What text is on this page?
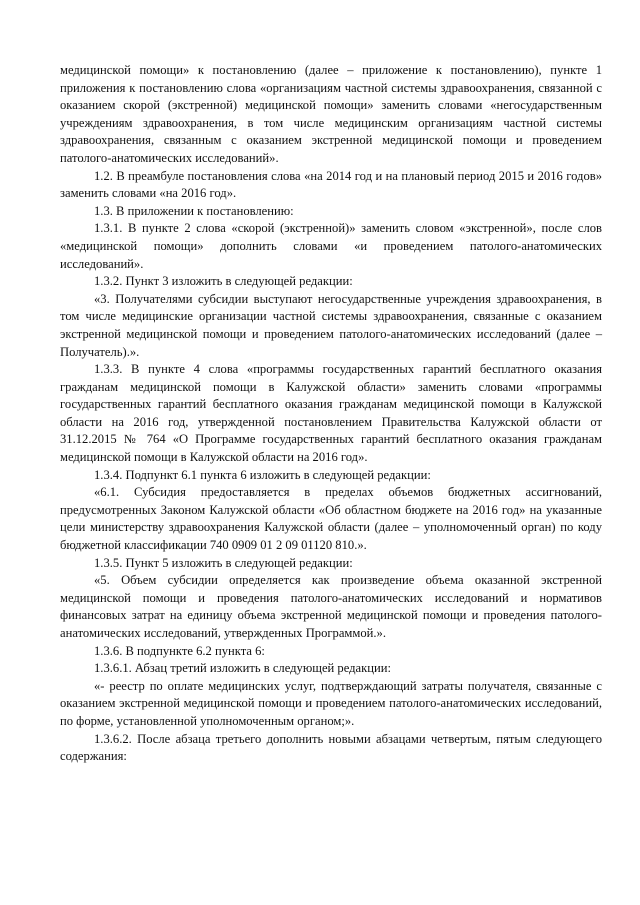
медицинской помощи» к постановлению (далее – приложение к постановлению), пункте 1 приложения к постановлению слова «организациям частной системы здравоохранения, связанной с оказанием скорой (экстренной) медицинской помощи» заменить словами «негосударственным учреждениям здравоохранения, в том числе медицинским организациям частной системы здравоохранения, связанным с оказанием экстренной медицинской помощи и проведением патолого-анатомических исследований».

1.2. В преамбуле постановления слова «на 2014 год и на плановый период 2015 и 2016 годов» заменить словами «на 2016 год».

1.3. В приложении к постановлению:

1.3.1. В пункте 2 слова «скорой (экстренной)» заменить словом «экстренной», после слов «медицинской помощи» дополнить словами «и проведением патолого-анатомических исследований».

1.3.2. Пункт 3 изложить в следующей редакции:

«3. Получателями субсидии выступают негосударственные учреждения здравоохранения, в том числе медицинские организации частной системы здравоохранения, связанные с оказанием экстренной медицинской помощи и проведением патолого-анатомических исследований (далее – Получатель).».

1.3.3. В пункте 4 слова «программы государственных гарантий бесплатного оказания гражданам медицинской помощи в Калужской области» заменить словами «программы государственных гарантий бесплатного оказания гражданам медицинской помощи в Калужской области на 2016 год, утвержденной постановлением Правительства Калужской области от 31.12.2015 № 764 «О Программе государственных гарантий бесплатного оказания гражданам медицинской помощи в Калужской области на 2016 год».

1.3.4. Подпункт 6.1 пункта 6 изложить в следующей редакции:

«6.1. Субсидия предоставляется в пределах объемов бюджетных ассигнований, предусмотренных Законом Калужской области «Об областном бюджете на 2016 год» на указанные цели министерству здравоохранения Калужской области (далее – уполномоченный орган) по коду бюджетной классификации 740 0909 01 2 09 01120 810.».

1.3.5. Пункт 5 изложить в следующей редакции:

«5. Объем субсидии определяется как произведение объема оказанной экстренной медицинской помощи и проведения патолого-анатомических исследований и нормативов финансовых затрат на единицу объема экстренной медицинской помощи и проведения патолого-анатомических исследований, утвержденных Программой.».

1.3.6. В подпункте 6.2 пункта 6:

1.3.6.1. Абзац третий изложить в следующей редакции:

«- реестр по оплате медицинских услуг, подтверждающий затраты получателя, связанные с оказанием экстренной медицинской помощи и проведением патолого-анатомических исследований, по форме, установленной уполномоченным органом;».

1.3.6.2. После абзаца третьего дополнить новыми абзацами четвертым, пятым следующего содержания:
